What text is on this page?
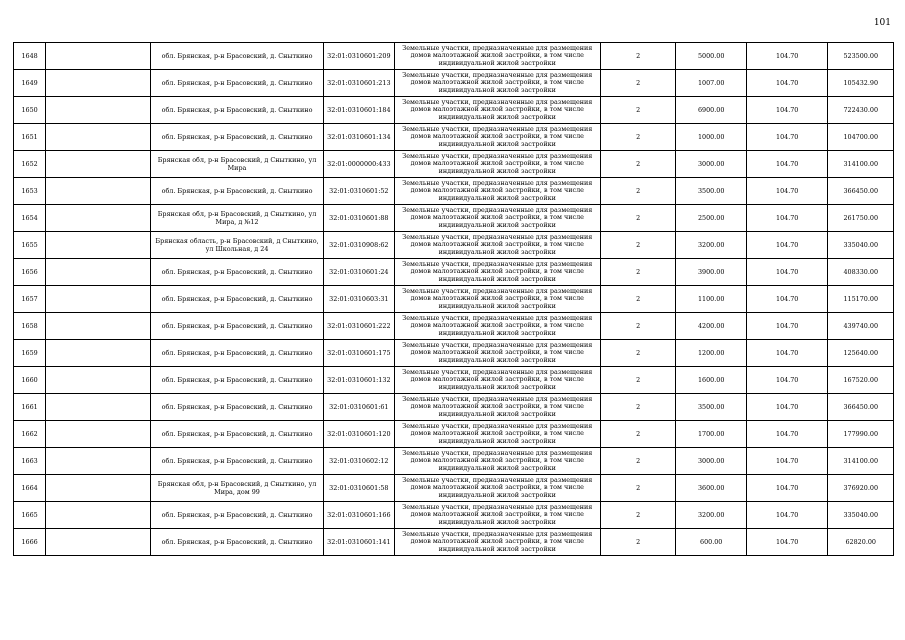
101
1648		обл. Брянская, р-н Брасовский, д. Сныткино	32:01:0310601:209	Земельные участки, предназначенные для размещения домов малоэтажной жилой застройки, в том числе индивидуальной жилой застройки	2	5000.00	104.70	523500.00
1649		обл. Брянская, р-н Брасовский, д. Сныткино	32:01:0310601:213	Земельные участки, предназначенные для размещения домов малоэтажной жилой застройки, в том числе индивидуальной жилой застройки	2	1007.00	104.70	105432.90
1650		обл. Брянская, р-н Брасовский, д. Сныткино	32:01:0310601:184	Земельные участки, предназначенные для размещения домов малоэтажной жилой застройки, в том числе индивидуальной жилой застройки	2	6900.00	104.70	722430.00
1651		обл. Брянская, р-н Брасовский, д. Сныткино	32:01:0310601:134	Земельные участки, предназначенные для размещения домов малоэтажной жилой застройки, в том числе индивидуальной жилой застройки	2	1000.00	104.70	104700.00
1652		Брянская обл, р-н Брасовский, д Сныткино, ул Мира	32:01:0000000:433	Земельные участки, предназначенные для размещения домов малоэтажной жилой застройки, в том числе индивидуальной жилой застройки	2	3000.00	104.70	314100.00
1653		обл. Брянская, р-н Брасовский, д. Сныткино	32:01:0310601:52	Земельные участки, предназначенные для размещения домов малоэтажной жилой застройки, в том числе индивидуальной жилой застройки	2	3500.00	104.70	366450.00
1654		Брянская обл, р-н Брасовский, д Сныткино, ул Мира, д №12	32:01:0310601:88	Земельные участки, предназначенные для размещения домов малоэтажной жилой застройки, в том числе индивидуальной жилой застройки	2	2500.00	104.70	261750.00
1655		Брянская область, р-н Брасовский, д Сныткино, ул Школьная, д 24	32:01:0310908:62	Земельные участки, предназначенные для размещения домов малоэтажной жилой застройки, в том числе индивидуальной жилой застройки	2	3200.00	104.70	335040.00
1656		обл. Брянская, р-н Брасовский, д. Сныткино	32:01:0310601:24	Земельные участки, предназначенные для размещения домов малоэтажной жилой застройки, в том числе индивидуальной жилой застройки	2	3900.00	104.70	408330.00
1657		обл. Брянская, р-н Брасовский, д. Сныткино	32:01:0310603:31	Земельные участки, предназначенные для размещения домов малоэтажной жилой застройки, в том числе индивидуальной жилой застройки	2	1100.00	104.70	115170.00
1658		обл. Брянская, р-н Брасовский, д. Сныткино	32:01:0310601:222	Земельные участки, предназначенные для размещения домов малоэтажной жилой застройки, в том числе индивидуальной жилой застройки	2	4200.00	104.70	439740.00
1659		обл. Брянская, р-н Брасовский, д. Сныткино	32:01:0310601:175	Земельные участки, предназначенные для размещения домов малоэтажной жилой застройки, в том числе индивидуальной жилой застройки	2	1200.00	104.70	125640.00
1660		обл. Брянская, р-н Брасовский, д. Сныткино	32:01:0310601:132	Земельные участки, предназначенные для размещения домов малоэтажной жилой застройки, в том числе индивидуальной жилой застройки	2	1600.00	104.70	167520.00
1661		обл. Брянская, р-н Брасовский, д. Сныткино	32:01:0310601:61	Земельные участки, предназначенные для размещения домов малоэтажной жилой застройки, в том числе индивидуальной жилой застройки	2	3500.00	104.70	366450.00
1662		обл. Брянская, р-н Брасовский, д. Сныткино	32:01:0310601:120	Земельные участки, предназначенные для размещения домов малоэтажной жилой застройки, в том числе индивидуальной жилой застройки	2	1700.00	104.70	177990.00
1663		обл. Брянская, р-н Брасовский, д. Сныткино	32:01:0310602:12	Земельные участки, предназначенные для размещения домов малоэтажной жилой застройки, в том числе индивидуальной жилой застройки	2	3000.00	104.70	314100.00
1664		Брянская обл, р-н Брасовский, д Сныткино, ул Мира, дом 99	32:01:0310601:58	Земельные участки, предназначенные для размещения домов малоэтажной жилой застройки, в том числе индивидуальной жилой застройки	2	3600.00	104.70	376920.00
1665		обл. Брянская, р-н Брасовский, д. Сныткино	32:01:0310601:166	Земельные участки, предназначенные для размещения домов малоэтажной жилой застройки, в том числе индивидуальной жилой застройки	2	3200.00	104.70	335040.00
1666		обл. Брянская, р-н Брасовский, д. Сныткино	32:01:0310601:141	Земельные участки, предназначенные для размещения домов малоэтажной жилой застройки, в том числе индивидуальной жилой застройки	2	600.00	104.70	62820.00
